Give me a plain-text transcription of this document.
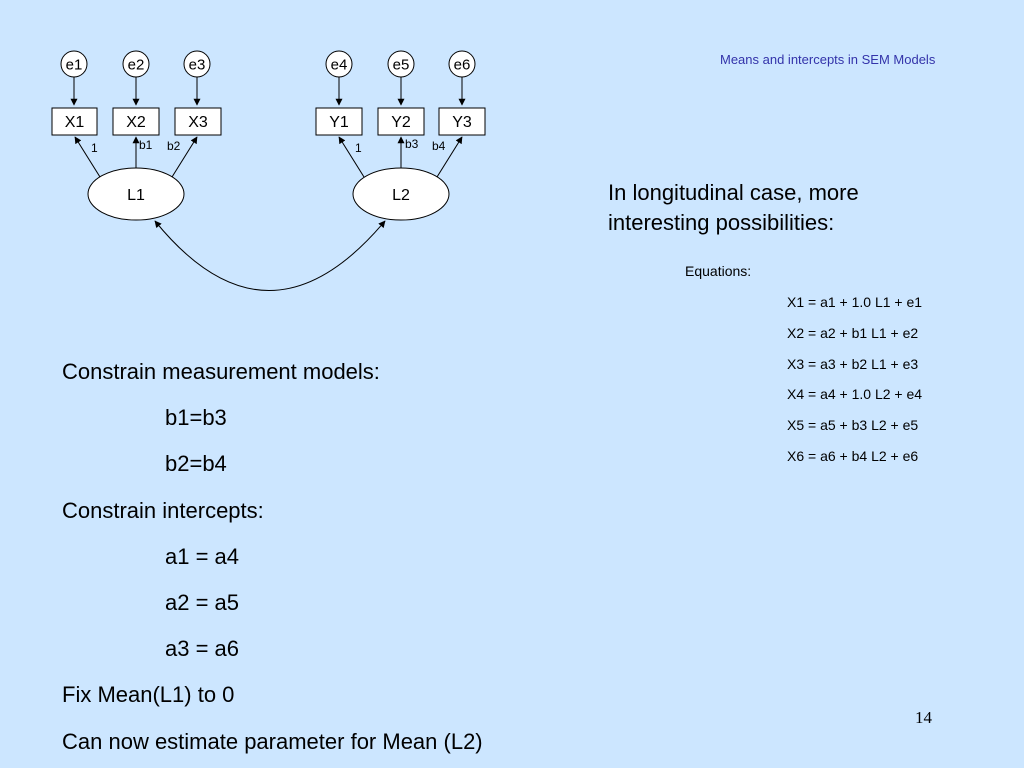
e1	e2	e3	e4	e5	e6
X1	X2	X3	Y1	Y2	Y3
1	b1 b2	1	b3 b4
L1	L2
Means and intercepts in SEM Models
In longitudinal case, more interesting possibilities:
Equations:
X1 = a1 + 1.0 L1 + e1
X2 = a2 + b1 L1 + e2
X3 = a3 + b2 L1 + e3
X4 = a4 + 1.0 L2 + e4
X5 = a5 + b3 L2 + e5
X6 = a6 + b4 L2 + e6
Constrain measurement models:
b1=b3
b2=b4
Constrain intercepts:
a1 = a4
a2 = a5
a3 = a6
Fix Mean(L1) to 0
Can now estimate parameter for Mean (L2)
14
